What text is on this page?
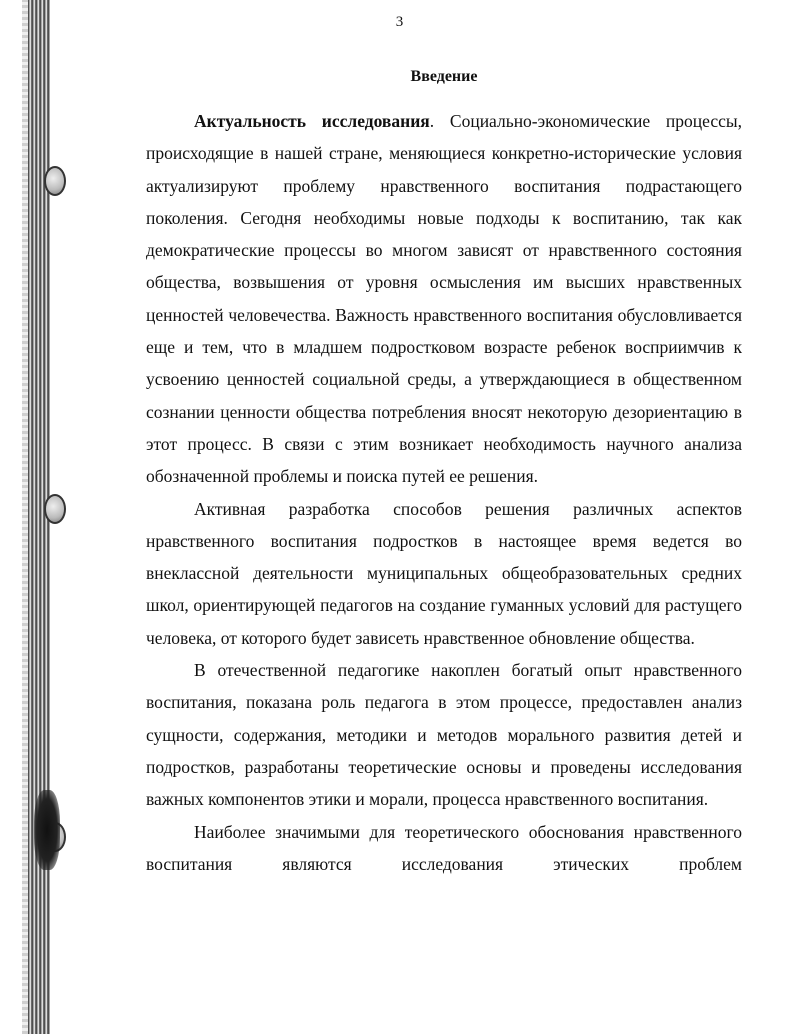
3
Введение

Актуальность исследования. Социально-экономические процессы, происходящие в нашей стране, меняющиеся конкретно-исторические условия актуализируют проблему нравственного воспитания подрастающего поколения. Сегодня необходимы новые подходы к воспитанию, так как демократические процессы во многом зависят от нравственного состояния общества, возвышения от уровня осмысления им высших нравственных ценностей человечества. Важность нравственного воспитания обусловливается еще и тем, что в младшем подростковом возрасте ребенок восприимчив к усвоению ценностей социальной среды, а утверждающиеся в общественном сознании ценности общества потребления вносят некоторую дезориентацию в этот процесс. В связи с этим возникает необходимость научного анализа обозначенной проблемы и поиска путей ее решения.

Активная разработка способов решения различных аспектов нравственного воспитания подростков в настоящее время ведется во внеклассной деятельности муниципальных общеобразовательных средних школ, ориентирующей педагогов на создание гуманных условий для растущего человека, от которого будет зависеть нравственное обновление общества.

В отечественной педагогике накоплен богатый опыт нравственного воспитания, показана роль педагога в этом процессе, предоставлен анализ сущности, содержания, методики и методов морального развития детей и подростков, разработаны теоретические основы и проведены исследования важных компонентов этики и морали, процесса нравственного воспитания.

Наиболее значимыми для теоретического обоснования нравственного воспитания являются исследования этических проблем
